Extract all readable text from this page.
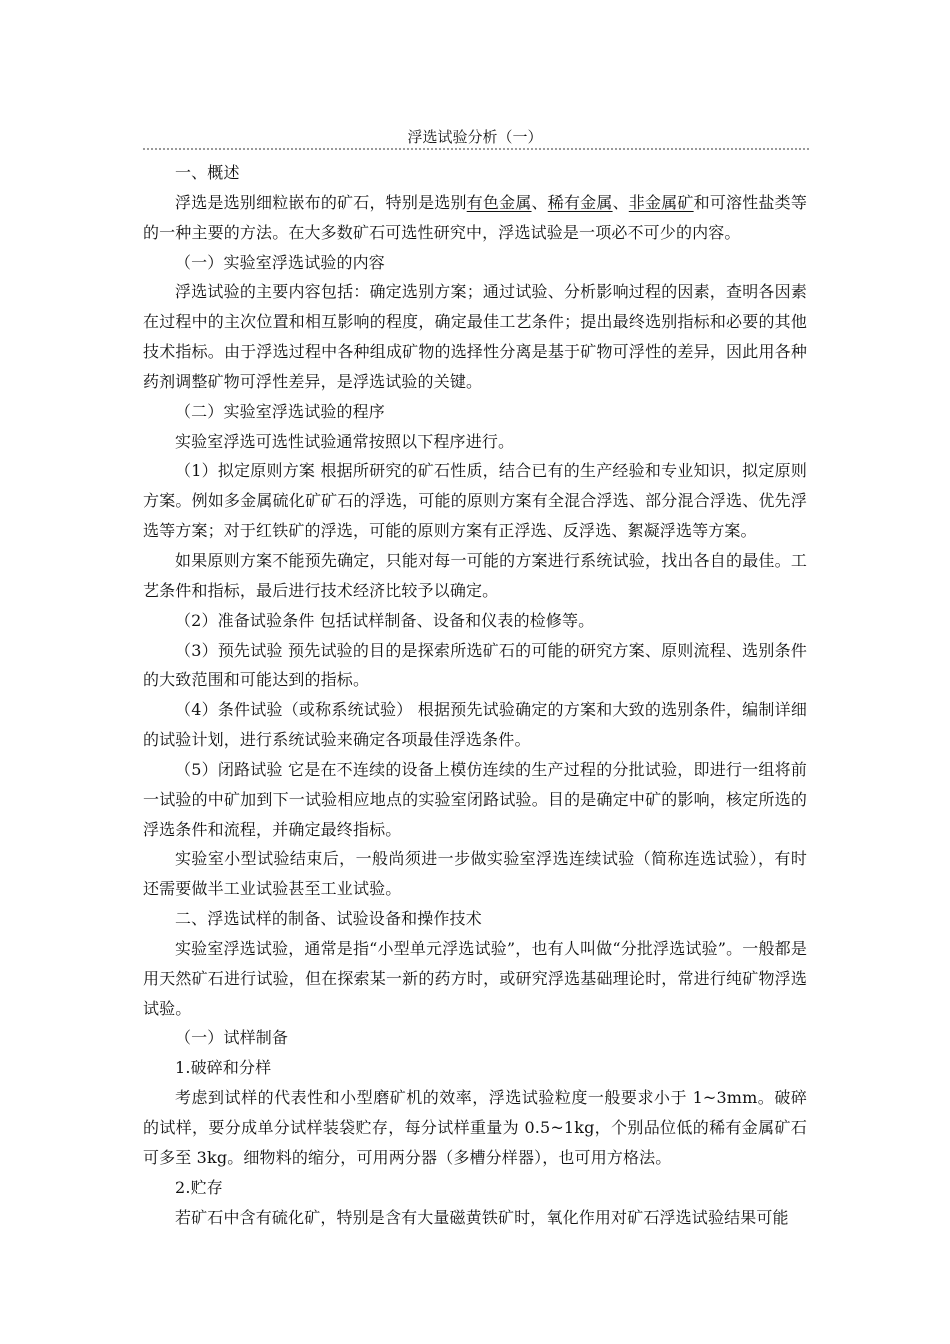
浮选试验分析（一）

一、概述

浮选是选别细粒嵌布的矿石，特别是选别有色金属、稀有金属、非金属矿和可溶性盐类等的一种主要的方法。在大多数矿石可选性研究中，浮选试验是一项必不可少的内容。

（一）实验室浮选试验的内容

浮选试验的主要内容包括：确定选别方案；通过试验、分析影响过程的因素，查明各因素在过程中的主次位置和相互影响的程度，确定最佳工艺条件；提出最终选别指标和必要的其他技术指标。由于浮选过程中各种组成矿物的选择性分离是基于矿物可浮性的差异，因此用各种药剂调整矿物可浮性差异，是浮选试验的关键。

（二）实验室浮选试验的程序

实验室浮选可选性试验通常按照以下程序进行。

（1）拟定原则方案 根据所研究的矿石性质，结合已有的生产经验和专业知识，拟定原则方案。例如多金属硫化矿矿石的浮选，可能的原则方案有全混合浮选、部分混合浮选、优先浮选等方案；对于红铁矿的浮选，可能的原则方案有正浮选、反浮选、絮凝浮选等方案。

如果原则方案不能预先确定，只能对每一可能的方案进行系统试验，找出各自的最佳。工艺条件和指标，最后进行技术经济比较予以确定。

（2）准备试验条件 包括试样制备、设备和仪表的检修等。

（3）预先试验 预先试验的目的是探索所选矿石的可能的研究方案、原则流程、选别条件的大致范围和可能达到的指标。

（4）条件试验（或称系统试验） 根据预先试验确定的方案和大致的选别条件，编制详细的试验计划，进行系统试验来确定各项最佳浮选条件。

（5）闭路试验 它是在不连续的设备上模仿连续的生产过程的分批试验，即进行一组将前一试验的中矿加到下一试验相应地点的实验室闭路试验。目的是确定中矿的影响，核定所选的浮选条件和流程，并确定最终指标。

实验室小型试验结束后，一般尚须进一步做实验室浮选连续试验（简称连选试验），有时还需要做半工业试验甚至工业试验。

二、浮选试样的制备、试验设备和操作技术

实验室浮选试验，通常是指“小型单元浮选试验”，也有人叫做“分批浮选试验”。一般都是用天然矿石进行试验，但在探索某一新的药方时，或研究浮选基础理论时，常进行纯矿物浮选试验。

（一）试样制备

1.破碎和分样

考虑到试样的代表性和小型磨矿机的效率，浮选试验粒度一般要求小于 1~3mm。破碎的试样，要分成单分试样装袋贮存，每分试样重量为 0.5~1kg，个别品位低的稀有金属矿石可多至 3kg。细物料的缩分，可用两分器（多槽分样器），也可用方格法。

2.贮存

若矿石中含有硫化矿，特别是含有大量磁黄铁矿时，氧化作用对矿石浮选试验结果可能
